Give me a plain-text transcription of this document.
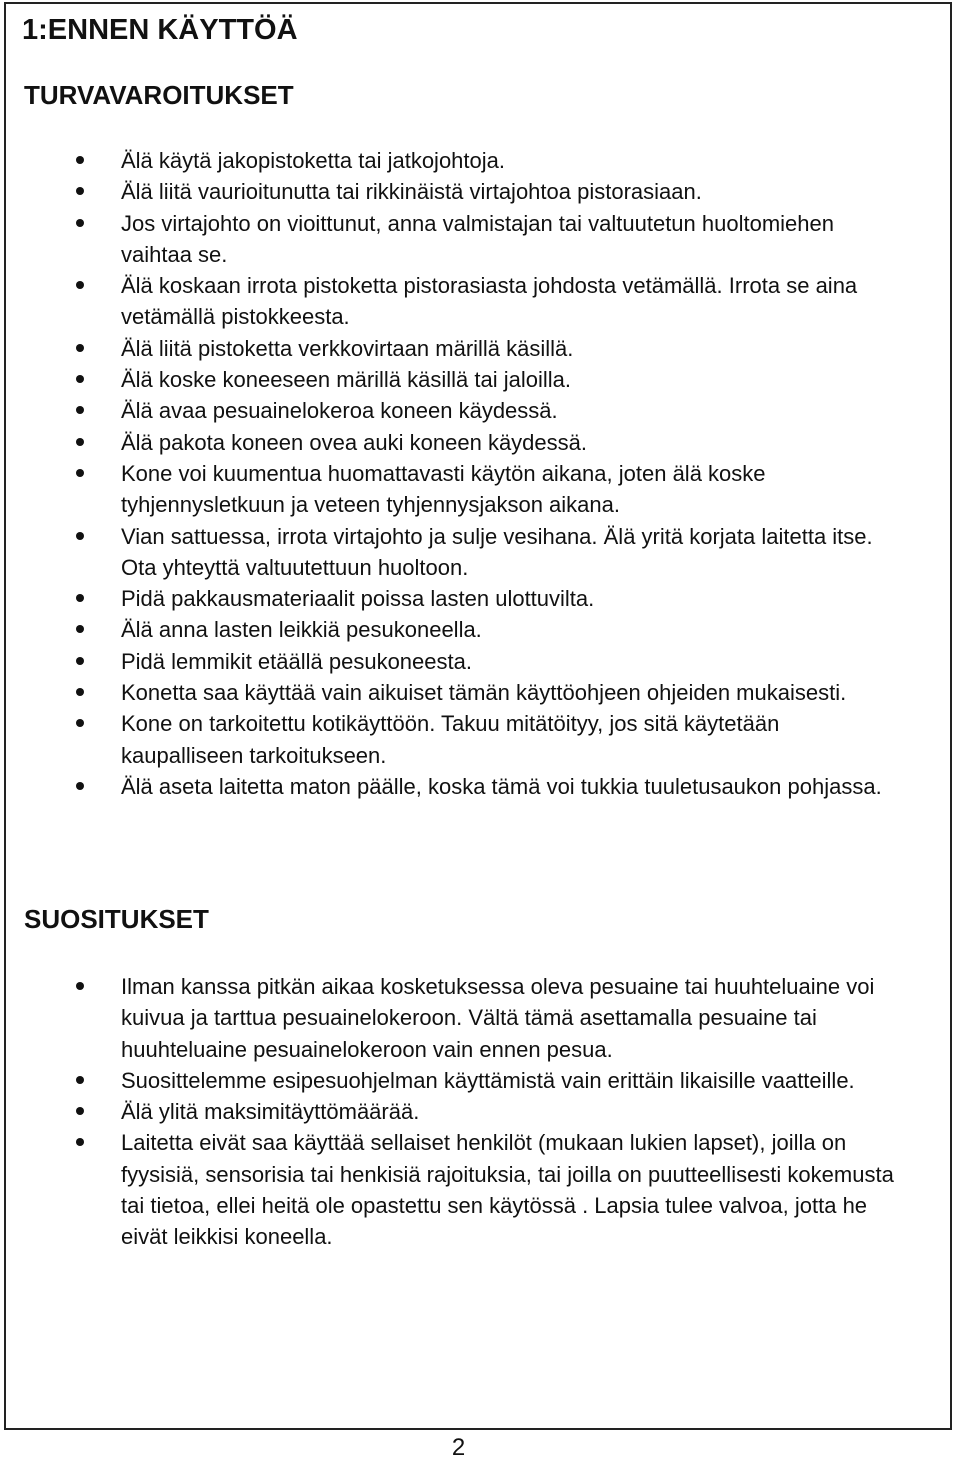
1:ENNEN KÄYTTÖÄ
TURVAVAROITUKSET
Älä käytä jakopistoketta tai jatkojohtoja.
Älä liitä vaurioitunutta tai rikkinäistä virtajohtoa pistorasiaan.
Jos virtajohto on vioittunut, anna valmistajan tai valtuutetun huoltomiehen vaihtaa se.
Älä koskaan irrota pistoketta pistorasiasta johdosta vetämällä. Irrota se aina vetämällä pistokkeesta.
Älä liitä pistoketta verkkovirtaan märillä käsillä.
Älä koske koneeseen märillä käsillä tai jaloilla.
Älä avaa pesuainelokeroa koneen käydessä.
Älä pakota koneen ovea auki koneen käydessä.
Kone voi kuumentua huomattavasti käytön aikana, joten älä koske tyhjennysletkuun ja veteen tyhjennysjakson aikana.
Vian sattuessa, irrota virtajohto ja sulje vesihana. Älä yritä korjata laitetta itse. Ota yhteyttä valtuutettuun huoltoon.
Pidä pakkausmateriaalit poissa lasten ulottuvilta.
Älä anna lasten leikkiä pesukoneella.
Pidä lemmikit etäällä pesukoneesta.
Konetta saa käyttää vain aikuiset tämän käyttöohjeen ohjeiden mukaisesti.
Kone on tarkoitettu kotikäyttöön. Takuu mitätöityy, jos sitä käytetään kaupalliseen tarkoitukseen.
Älä aseta laitetta maton päälle, koska tämä voi tukkia tuuletusaukon pohjassa.
SUOSITUKSET
Ilman kanssa pitkän aikaa kosketuksessa oleva pesuaine tai huuhteluaine voi kuivua ja tarttua pesuainelokeroon. Vältä tämä asettamalla pesuaine tai huuhteluaine pesuainelokeroon vain ennen pesua.
Suosittelemme esipesuohjelman käyttämistä vain erittäin likaisille vaatteille.
Älä ylitä maksimitäyttömäärää.
Laitetta eivät saa käyttää sellaiset henkilöt (mukaan lukien lapset), joilla on fyysisiä, sensorisia tai henkisiä rajoituksia, tai joilla on puutteellisesti kokemusta tai tietoa, ellei heitä ole opastettu sen käytössä . Lapsia tulee valvoa, jotta he eivät leikkisi koneella.
2
